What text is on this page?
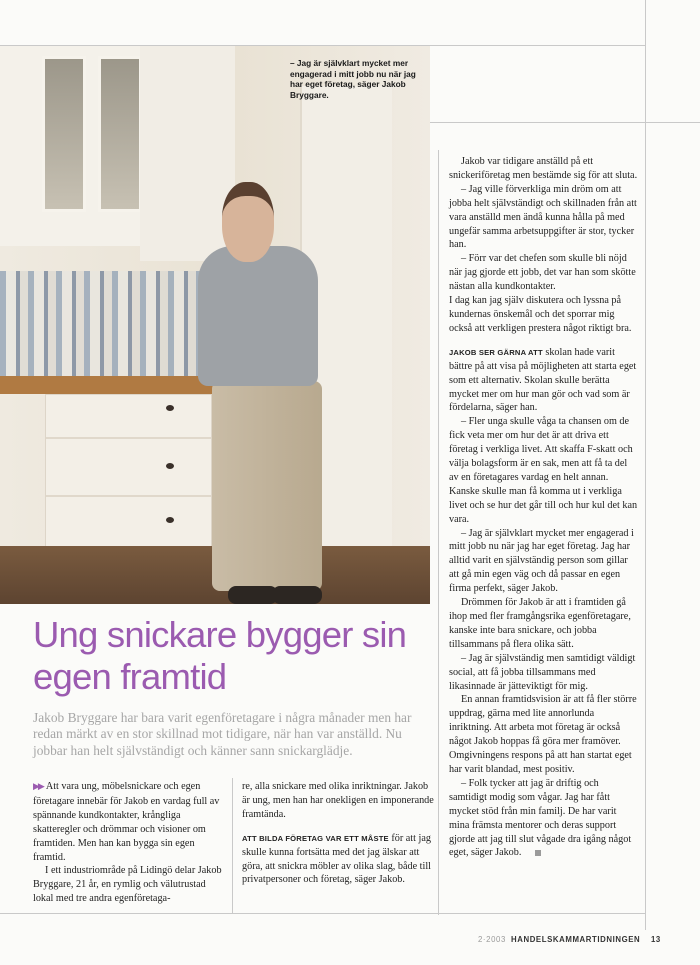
– Jag är självklart mycket mer engagerad i mitt jobb nu när jag har eget företag, säger Jakob Bryggare.

Ung snickare bygger sin egen framtid

Jakob Bryggare har bara varit egenföretagare i några månader men har redan märkt av en stor skillnad mot tidigare, när han var anställd. Nu jobbar han helt självständigt och känner sann snickarglädje.

▶▶ Att vara ung, möbelsnickare och egen företagare innebär för Jakob en vardag full av spännande kundkontakter, krångliga skatteregler och drömmar och visioner om framtiden. Men han kan bygga sin egen framtid.

I ett industriområde på Lidingö delar Jakob Bryggare, 21 år, en rymlig och välutrustad lokal med tre andra egenföretaga-

re, alla snickare med olika inriktningar. Jakob är ung, men han har onekligen en imponerande framtända.

ATT BILDA FÖRETAG VAR ETT MÅSTE för att jag skulle kunna fortsätta med det jag älskar att göra, att snickra möbler av olika slag, både till privatpersoner och företag, säger Jakob.

Jakob var tidigare anställd på ett snickeriföretag men bestämde sig för att sluta.

– Jag ville förverkliga min dröm om att jobba helt självständigt och skillnaden från att vara anställd men ändå kunna hålla på med ungefär samma arbetsuppgifter är stor, tycker han.

– Förr var det chefen som skulle bli nöjd när jag gjorde ett jobb, det var han som skötte nästan alla kundkontakter.

I dag kan jag själv diskutera och lyssna på kundernas önskemål och det sporrar mig också att verkligen prestera något riktigt bra.

JAKOB SER GÄRNA ATT skolan hade varit bättre på att visa på möjligheten att starta eget som ett alternativ. Skolan skulle berätta mycket mer om hur man gör och vad som är fördelarna, säger han.

– Fler unga skulle våga ta chansen om de fick veta mer om hur det är att driva ett företag i verkliga livet. Att skaffa F-skatt och välja bolagsform är en sak, men att få ta del av en företagares vardag en helt annan. Kanske skulle man få komma ut i verkliga livet och se hur det går till och hur kul det kan vara.

– Jag är självklart mycket mer engagerad i mitt jobb nu när jag har eget företag. Jag har alltid varit en självständig person som gillar att gå min egen väg och då passar en egen firma perfekt, säger Jakob.

Drömmen för Jakob är att i framtiden gå ihop med fler framgångsrika egenföretagare, kanske inte bara snickare, och jobba tillsammans på flera olika sätt.

– Jag är självständig men samtidigt väldigt social, att få jobba tillsammans med likasinnade är jätteviktigt för mig.

En annan framtidsvision är att få fler större uppdrag, gärna med lite annorlunda inriktning. Att arbeta mot företag är också något Jakob hoppas få göra mer framöver. Omgivningens respons på att han startat eget har varit blandad, mest positiv.

– Folk tycker att jag är driftig och samtidigt modig som vågar. Jag har fått mycket stöd från min familj. De har varit mina främsta mentorer och deras support gjorde att jag till slut vågade dra igång något eget, säger Jakob.

2·2003 HANDELSKAMMARTIDNINGEN 13
